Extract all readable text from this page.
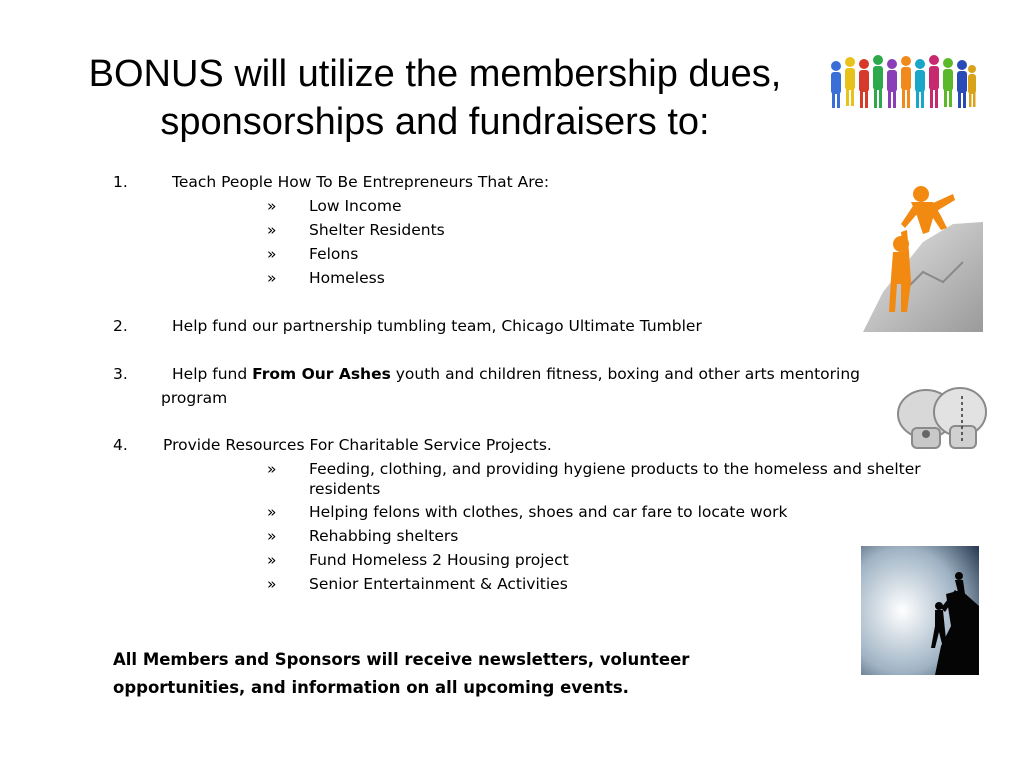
BONUS will utilize the membership dues,
sponsorships and fundraisers to:
1.	Teach People How To Be Entrepreneurs That Are:
» Low Income
» Shelter Residents
» Felons
» Homeless
2.	Help fund our partnership tumbling team, Chicago Ultimate Tumbler
3.	Help fund From Our Ashes youth and children fitness, boxing and other arts mentoring
program
4. Provide Resources For Charitable Service Projects.
» Feeding, clothing, and providing hygiene products to the homeless and shelter
residents
» Helping felons with clothes, shoes and car fare to locate work
» Rehabbing shelters
» Fund Homeless 2 Housing project
» Senior Entertainment & Activities
All Members and Sponsors will receive newsletters, volunteer
opportunities, and information on all upcoming events.
